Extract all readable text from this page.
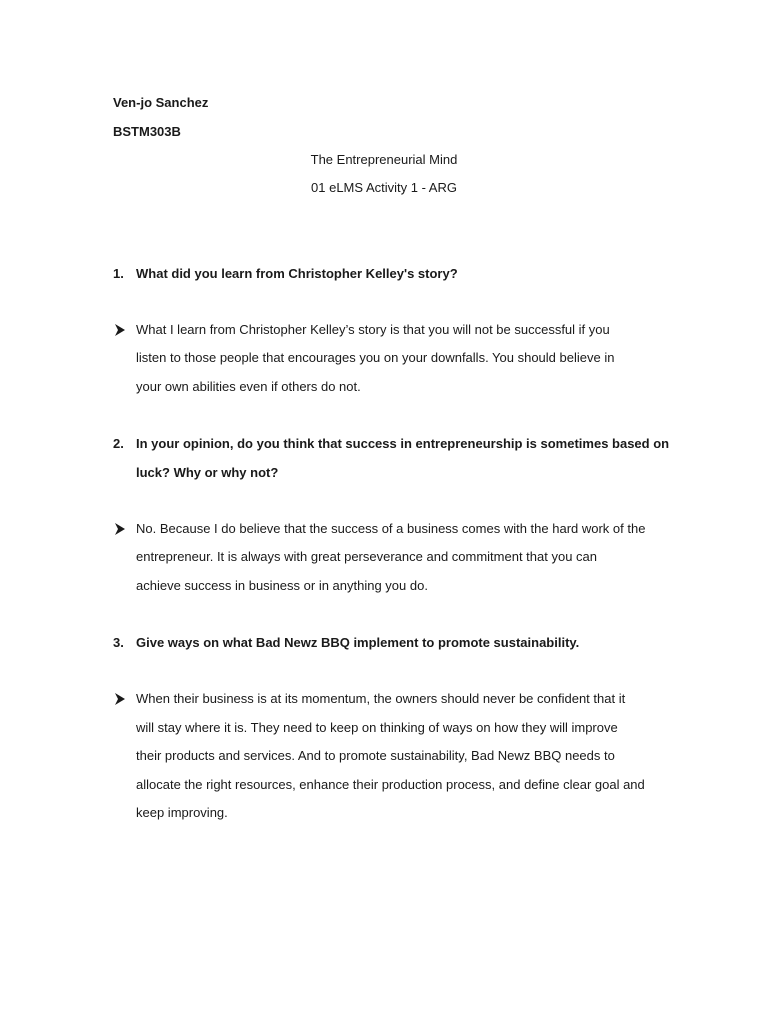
Ven-jo Sanchez
BSTM303B
The Entrepreneurial Mind
01 eLMS Activity 1 - ARG
1. What did you learn from Christopher Kelley's story?
What I learn from Christopher Kelley’s story is that you will not be successful if you
listen to those people that encourages you on your downfalls. You should believe in
your own abilities even if others do not.
2. In your opinion, do you think that success in entrepreneurship is sometimes based on
luck? Why or why not?
No. Because I do believe that the success of a business comes with the hard work of the
entrepreneur. It is always with great perseverance and commitment that you can
achieve success in business or in anything you do.
3. Give ways on what Bad Newz BBQ implement to promote sustainability.
When their business is at its momentum, the owners should never be confident that it
will stay where it is. They need to keep on thinking of ways on how they will improve
their products and services. And to promote sustainability, Bad Newz BBQ needs to
allocate the right resources, enhance their production process, and define clear goal and
keep improving.
